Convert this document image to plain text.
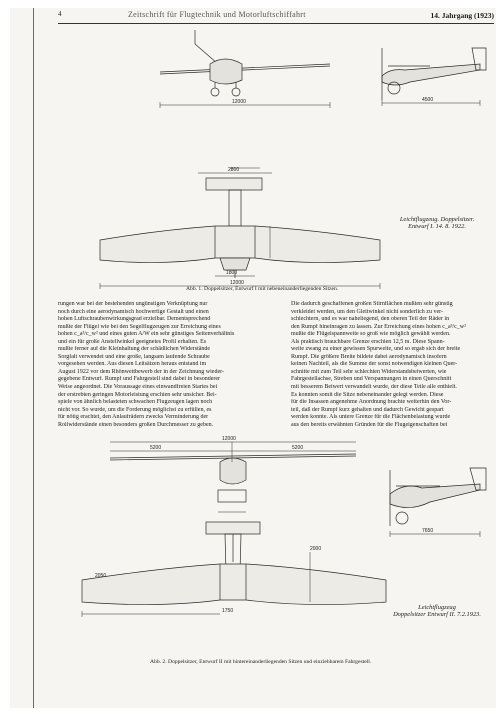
4	Zeitschrift für Flugtechnik und Motorluftschiffahrt	14. Jahrgang (1923)
12000	4500
2800
1800
12000
Leichtflugzeug. Doppelsitzer.
Entwurf I. 14. 8. 1922.
Abb. 1. Doppelsitzer, Entwurf I mit nebeneinanderliegenden Sitzen.
rungen war bei der bestehenden ungünstigen Verknüpfung nur
noch durch eine aerodynamisch hochwertige Gestalt und einen
hohen Luftschraubenwirkungsgrad erzielbar. Dementsprechend
mußte der Flügel wie bei den Segelflugzeugen zur Erreichung eines
hohen c_a³/c_w² und eines guten A/W ein sehr günstiges Seitenverhältnis
und ein für große Anstellwinkel geeignetes Profil erhalten. Es
mußte ferner auf die Kleinhaltung der schädlichen Widerstände
Sorgfalt verwendet und eine große, langsam laufende Schraube
vorgesehen werden. Aus diesen Leitsätzen heraus entstand im
August 1922 vor dem Rhönwettbewerb der in der Zeichnung wieder-
gegebene Entwurf. Rumpf und Fahrgestell sind dabei in besonderer
Weise angeordnet. Die Voraussage eines einwandfreien Startes bei
der erstrebten geringen Motorleistung erschien sehr unsicher. Bei-
spiele von ähnlich belasteten schwachen Flugzeugen lagen noch
nicht vor. So wurde, um die Forderung möglichst zu erfüllen, es
für nötig erachtet, den Anlaufrädern zwecks Verminderung der
Rollwiderstände einen besonders großen Durchmesser zu geben.
Die dadurch geschaffenen großen Stirnflächen mußten sehr günstig
verkleidet werden, um den Gleitwinkel nicht sonderlich zu ver-
schlechtern, und es war naheliegend, den oberen Teil der Räder in
den Rumpf hineinragen zu lassen. Zur Erreichung eines hohen c_a³/c_w²
mußte die Flügelspannweite so groß wie möglich gewählt werden.
Als praktisch brauchbare Grenze erschien 12,5 m. Diese Spann-
weite zwang zu einer gewissen Spurweite, und so ergab sich der breite
Rumpf. Die größere Breite bildete dabei aerodynamisch insofern
keinen Nachteil, als die Summe der sonst notwendigen kleinen Quer-
schnitte mit zum Teil sehr schlechten Widerstandsbeiwerten, wie
Fahrgestellachse, Streben und Verspannungen in einen Querschnitt
mit besserem Beiwert verwandelt wurde, der diese Teile alle enthielt.
Es konnten somit die Sitze nebeneinander gelegt werden. Diese
für die Insassen angenehme Anordnung brachte weiterhin den Vor-
teil, daß der Rumpf kurz gehalten und dadurch Gewicht gespart
werden konnte. Als untere Grenze für die Flächenbelastung wurde
aus den bereits erwähnten Gründen für die Flugeigenschaften bei
12000
5200	5200
7650
2000
2050
1750	Leichtflugzeug
Doppelsitzer Entwurf II. 7.2.1923.
Abb. 2. Doppelsitzer, Entwurf II mit hintereinanderliegenden Sitzen und einziehbarem Fahrgestell.
